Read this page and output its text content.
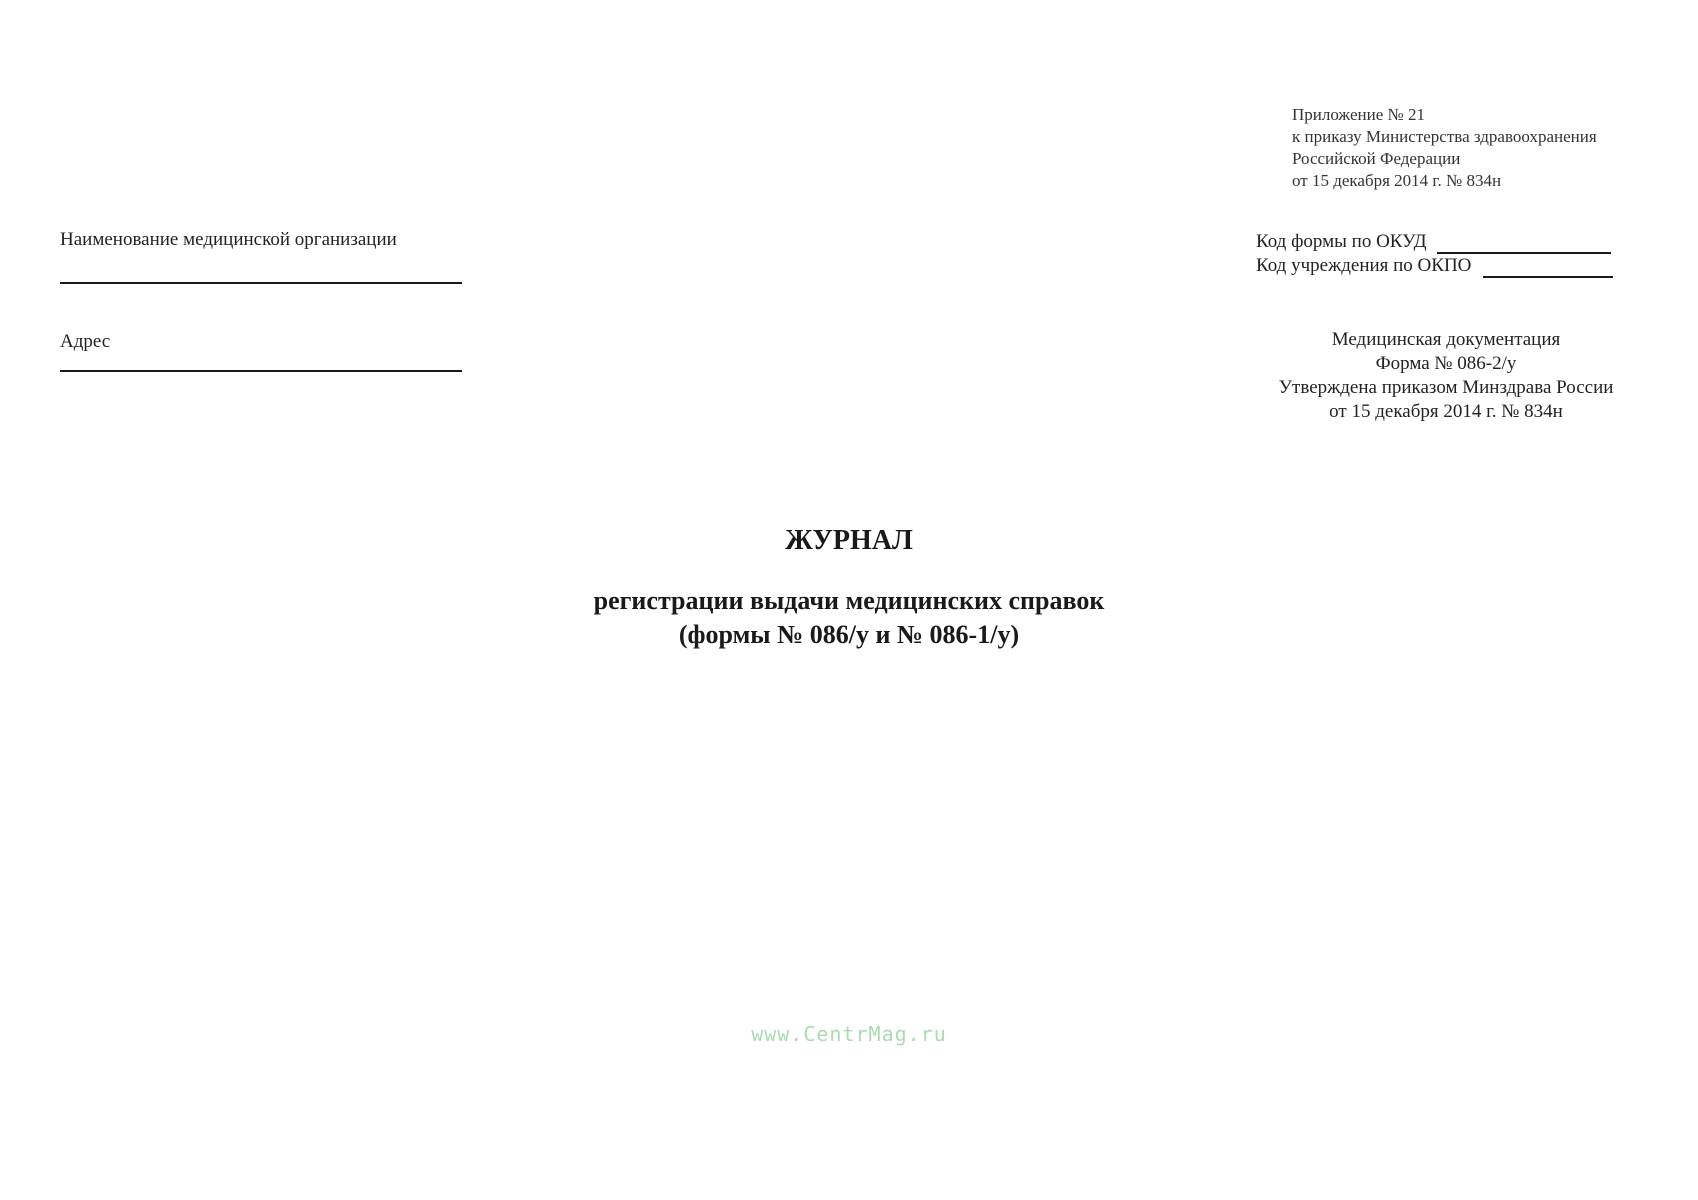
Приложение № 21
к приказу Министерства здравоохранения
Российской Федерации
от 15 декабря 2014 г. № 834н
Наименование медицинской организации
Адрес
Код формы по ОКУД
Код учреждения по ОКПО
Медицинская документация
Форма № 086-2/у
Утверждена приказом Минздрава России
от 15 декабря 2014 г. № 834н
ЖУРНАЛ
регистрации выдачи медицинских справок
(формы № 086/у и № 086-1/у)
www.CentrMag.ru
